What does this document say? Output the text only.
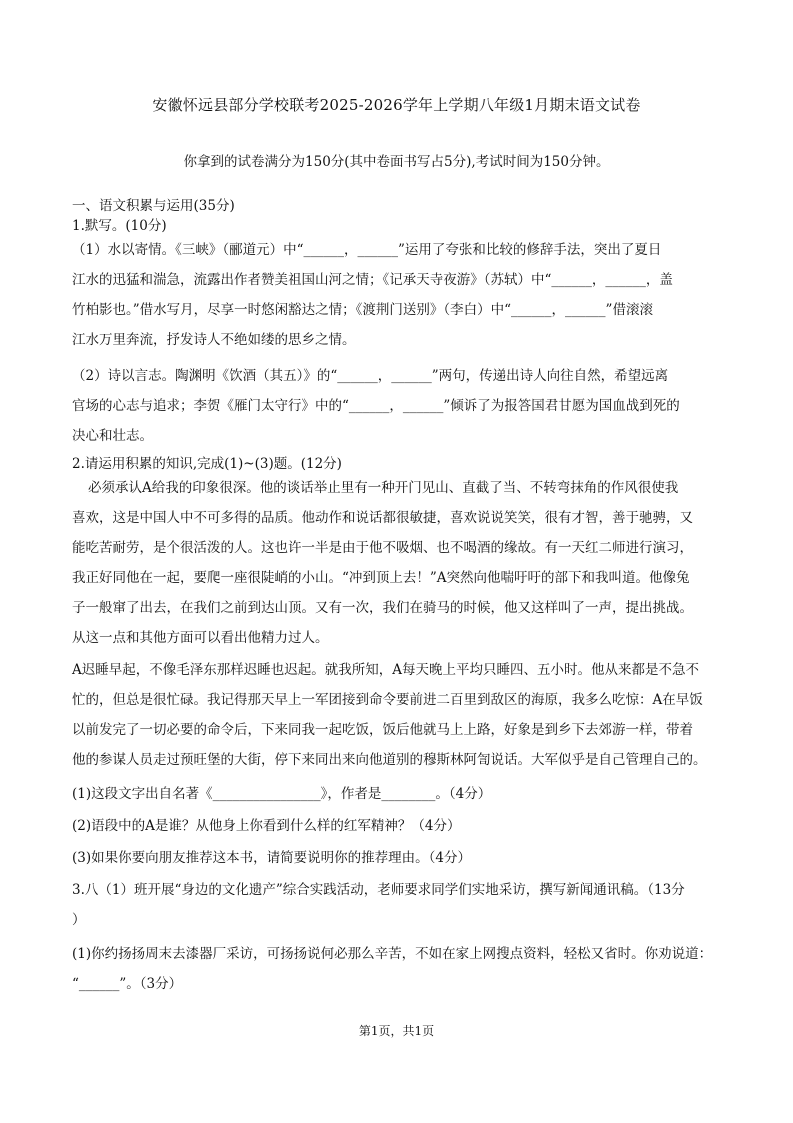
安徽怀远县部分学校联考2025-2026学年上学期八年级1月期末语文试卷
你拿到的试卷满分为150分(其中卷面书写占5分),考试时间为150分钟。
一、语文积累与运用(35分)
1.默写。(10分)
（1）水以寄情。《三峡》（郦道元）中“______，______”运用了夸张和比较的修辞手法，突出了夏日
江水的迅猛和湍急，流露出作者赞美祖国山河之情；《记承天寺夜游》（苏轼）中“______，______，盖
竹柏影也。”借水写月，尽享一时悠闲豁达之情；《渡荆门送别》（李白）中“______，______”借滚滚
江水万里奔流，抒发诗人不绝如缕的思乡之情。
（2）诗以言志。陶渊明《饮酒（其五）》的“______，______”两句，传递出诗人向往自然，希望远离
官场的心志与追求；李贺《雁门太守行》中的“______，______”倾诉了为报答国君甘愿为国血战到死的
决心和壮志。
2.请运用积累的知识,完成(1)~(3)题。(12分)
必须承认A给我的印象很深。他的谈话举止里有一种开门见山、直截了当、不转弯抹角的作风很使我
喜欢，这是中国人中不可多得的品质。他动作和说话都很敏捷，喜欢说说笑笑，很有才智，善于驰骋，又
能吃苦耐劳，是个很活泼的人。这也许一半是由于他不吸烟、也不喝酒的缘故。有一天红二师进行演习，
我正好同他在一起，要爬一座很陡峭的小山。“冲到顶上去！”A突然向他喘吁吁的部下和我叫道。他像兔
子一般窜了出去，在我们之前到达山顶。又有一次，我们在骑马的时候，他又这样叫了一声，提出挑战。
从这一点和其他方面可以看出他精力过人。
A迟睡早起，不像毛泽东那样迟睡也迟起。就我所知，A每天晚上平均只睡四、五小时。他从来都是不急不
忙的，但总是很忙碌。我记得那天早上一军团接到命令要前进二百里到敌区的海原，我多么吃惊：A在早饭
以前发完了一切必要的命令后，下来同我一起吃饭，饭后他就马上上路，好象是到乡下去郊游一样，带着
他的参谋人员走过预旺堡的大街，停下来同出来向他道别的穆斯林阿訇说话。大军似乎是自己管理自己的。
(1)这段文字出自名著《________________》，作者是________。（4分）
(2)语段中的A是谁？从他身上你看到什么样的红军精神？（4分）
(3)如果你要向朋友推荐这本书，请简要说明你的推荐理由。（4分）
3.八（1）班开展“身边的文化遗产”综合实践活动，老师要求同学们实地采访，撰写新闻通讯稿。（13分
）
(1)你约扬扬周末去漆器厂采访，可扬扬说何必那么辛苦，不如在家上网搜点资料，轻松又省时。你劝说道：
“______”。（3分）
第1页，共1页
